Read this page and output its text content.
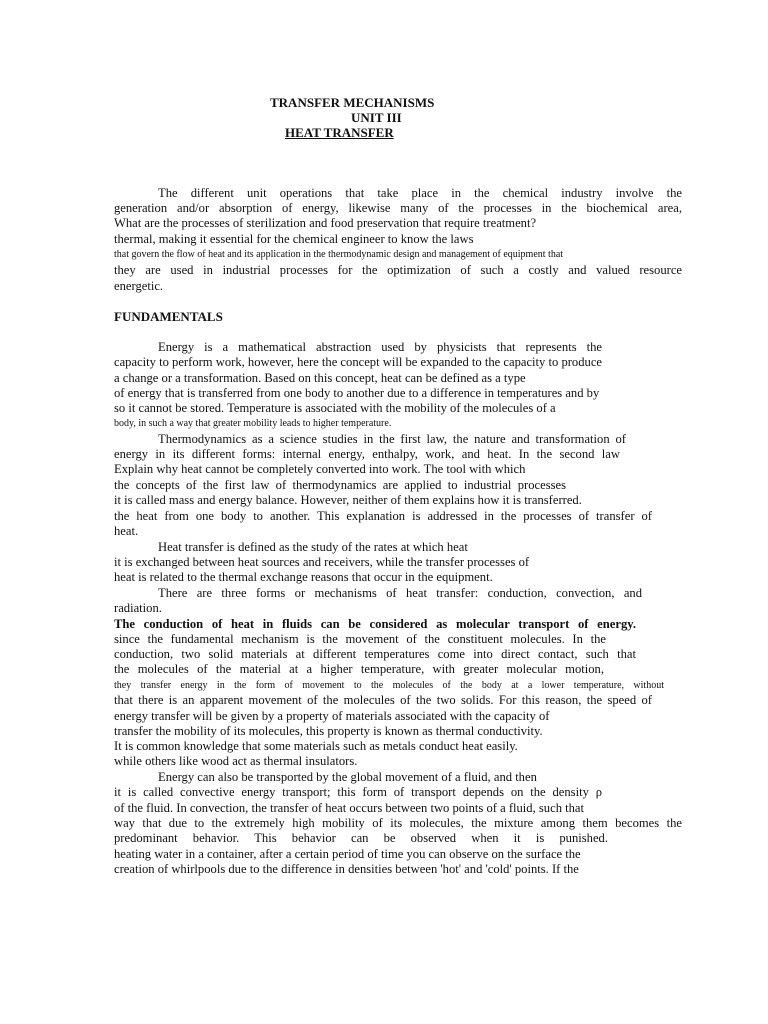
TRANSFER MECHANISMS
UNIT III
HEAT TRANSFER
The different unit operations that take place in the chemical industry involve the
generation and/or absorption of energy, likewise many of the processes in the biochemical area,
What are the processes of sterilization and food preservation that require treatment?
thermal, making it essential for the chemical engineer to know the laws
that govern the flow of heat and its application in the thermodynamic design and management of equipment that
they are used in industrial processes for the optimization of such a costly and valued resource
energetic.
FUNDAMENTALS
Energy is a mathematical abstraction used by physicists that represents the
capacity to perform work, however, here the concept will be expanded to the capacity to produce
a change or a transformation. Based on this concept, heat can be defined as a type
of energy that is transferred from one body to another due to a difference in temperatures and by
so it cannot be stored. Temperature is associated with the mobility of the molecules of a
body, in such a way that greater mobility leads to higher temperature.
Thermodynamics as a science studies in the first law, the nature and transformation of
energy in its different forms: internal energy, enthalpy, work, and heat. In the second law
Explain why heat cannot be completely converted into work. The tool with which
the concepts of the first law of thermodynamics are applied to industrial processes
it is called mass and energy balance. However, neither of them explains how it is transferred.
the heat from one body to another. This explanation is addressed in the processes of transfer of
heat.
Heat transfer is defined as the study of the rates at which heat
it is exchanged between heat sources and receivers, while the transfer processes of
heat is related to the thermal exchange reasons that occur in the equipment.
There are three forms or mechanisms of heat transfer: conduction, convection, and
radiation.
The conduction of heat in fluids can be considered as molecular transport of energy.
since the fundamental mechanism is the movement of the constituent molecules. In the
conduction, two solid materials at different temperatures come into direct contact, such that
the molecules of the material at a higher temperature, with greater molecular motion,
they transfer energy in the form of movement to the molecules of the body at a lower temperature, without
that there is an apparent movement of the molecules of the two solids. For this reason, the speed of
energy transfer will be given by a property of materials associated with the capacity of
transfer the mobility of its molecules, this property is known as thermal conductivity.
It is common knowledge that some materials such as metals conduct heat easily.
while others like wood act as thermal insulators.
Energy can also be transported by the global movement of a fluid, and then
it is called convective energy transport; this form of transport depends on the density ρ
of the fluid. In convection, the transfer of heat occurs between two points of a fluid, such that
way that due to the extremely high mobility of its molecules, the mixture among them becomes the
predominant behavior. This behavior can be observed when it is punished.
heating water in a container, after a certain period of time you can observe on the surface the
creation of whirlpools due to the difference in densities between 'hot' and 'cold' points. If the
